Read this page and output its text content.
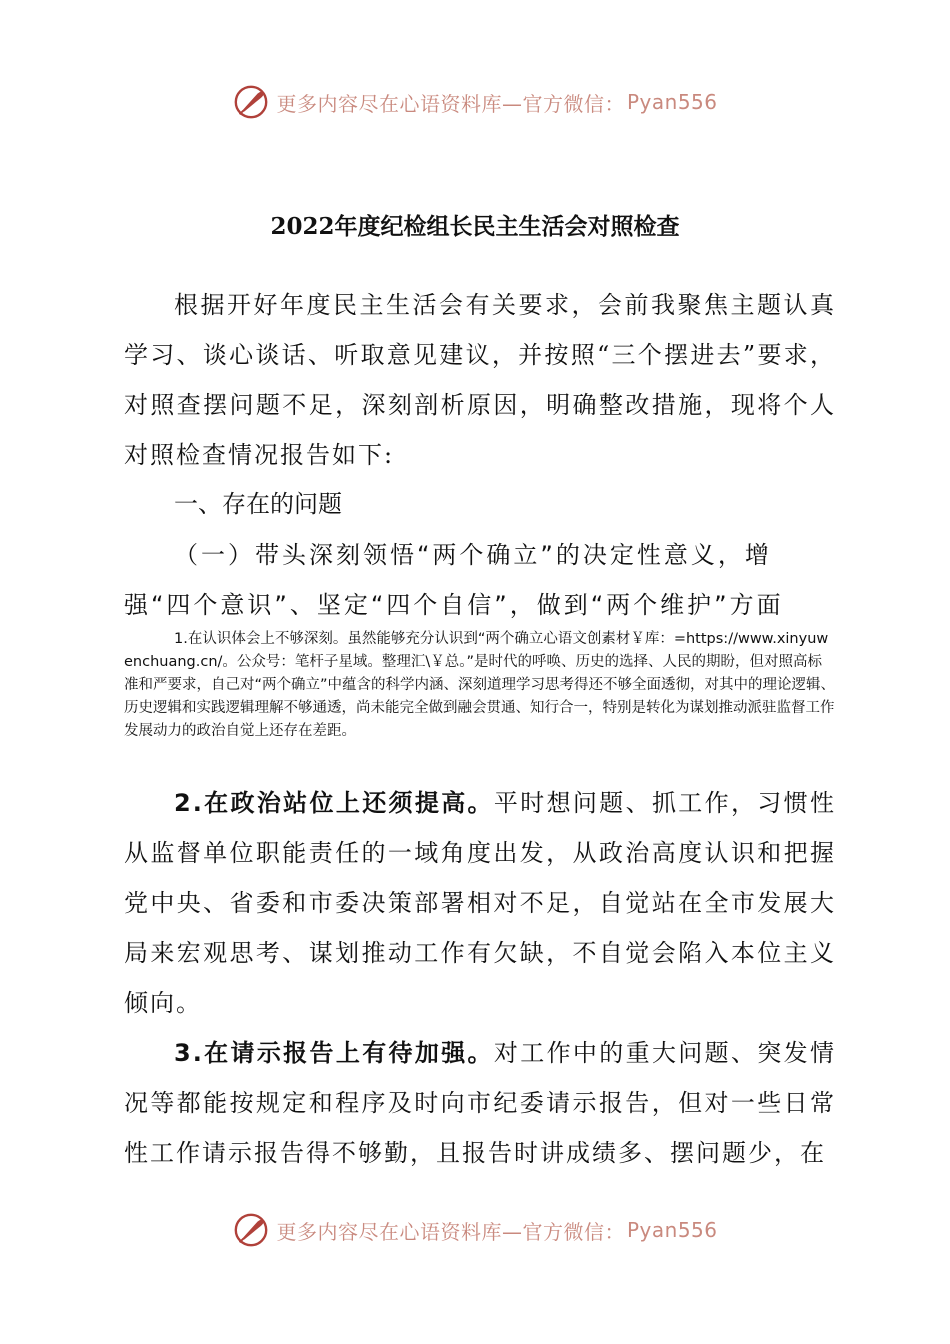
更多内容尽在心语资料库—官方微信： Pyan556
2022年度纪检组长民主生活会对照检查

根据开好年度民主生活会有关要求，会前我聚焦主题认真学习、谈心谈话、听取意见建议，并按照“三个摆进去”要求，对照查摆问题不足，深刻剖析原因，明确整改措施，现将个人对照检查情况报告如下:

一、存在的问题

（一）带头深刻领悟“两个确立”的决定性意义，增强“四个意识”、坚定“四个自信”，做到“两个维护”方面

1.在认识体会上不够深刻。虽然能够充分认识到“两个确立心语文创素材￥库：=https://www.xinyuwenchuang.cn/。公众号：笔杆子星域。整理汇\￥总。”是时代的呼唤、历史的选择、人民的期盼，但对照高标准和严要求，自己对“两个确立”中蕴含的科学内涵、深刻道理学习思考得还不够全面透彻，对其中的理论逻辑、历史逻辑和实践逻辑理解不够通透，尚未能完全做到融会贯通、知行合一，特别是转化为谋划推动派驻监督工作发展动力的政治自觉上还存在差距。

2.在政治站位上还须提高。平时想问题、抓工作，习惯性从监督单位职能责任的一域角度出发，从政治高度认识和把握党中央、省委和市委决策部署相对不足，自觉站在全市发展大局来宏观思考、谋划推动工作有欠缺，不自觉会陷入本位主义倾向。

3.在请示报告上有待加强。对工作中的重大问题、突发情况等都能按规定和程序及时向市纪委请示报告，但对一些日常性工作请示报告得不够勤，且报告时讲成绩多、摆问题少，在

更多内容尽在心语资料库—官方微信： Pyan556
